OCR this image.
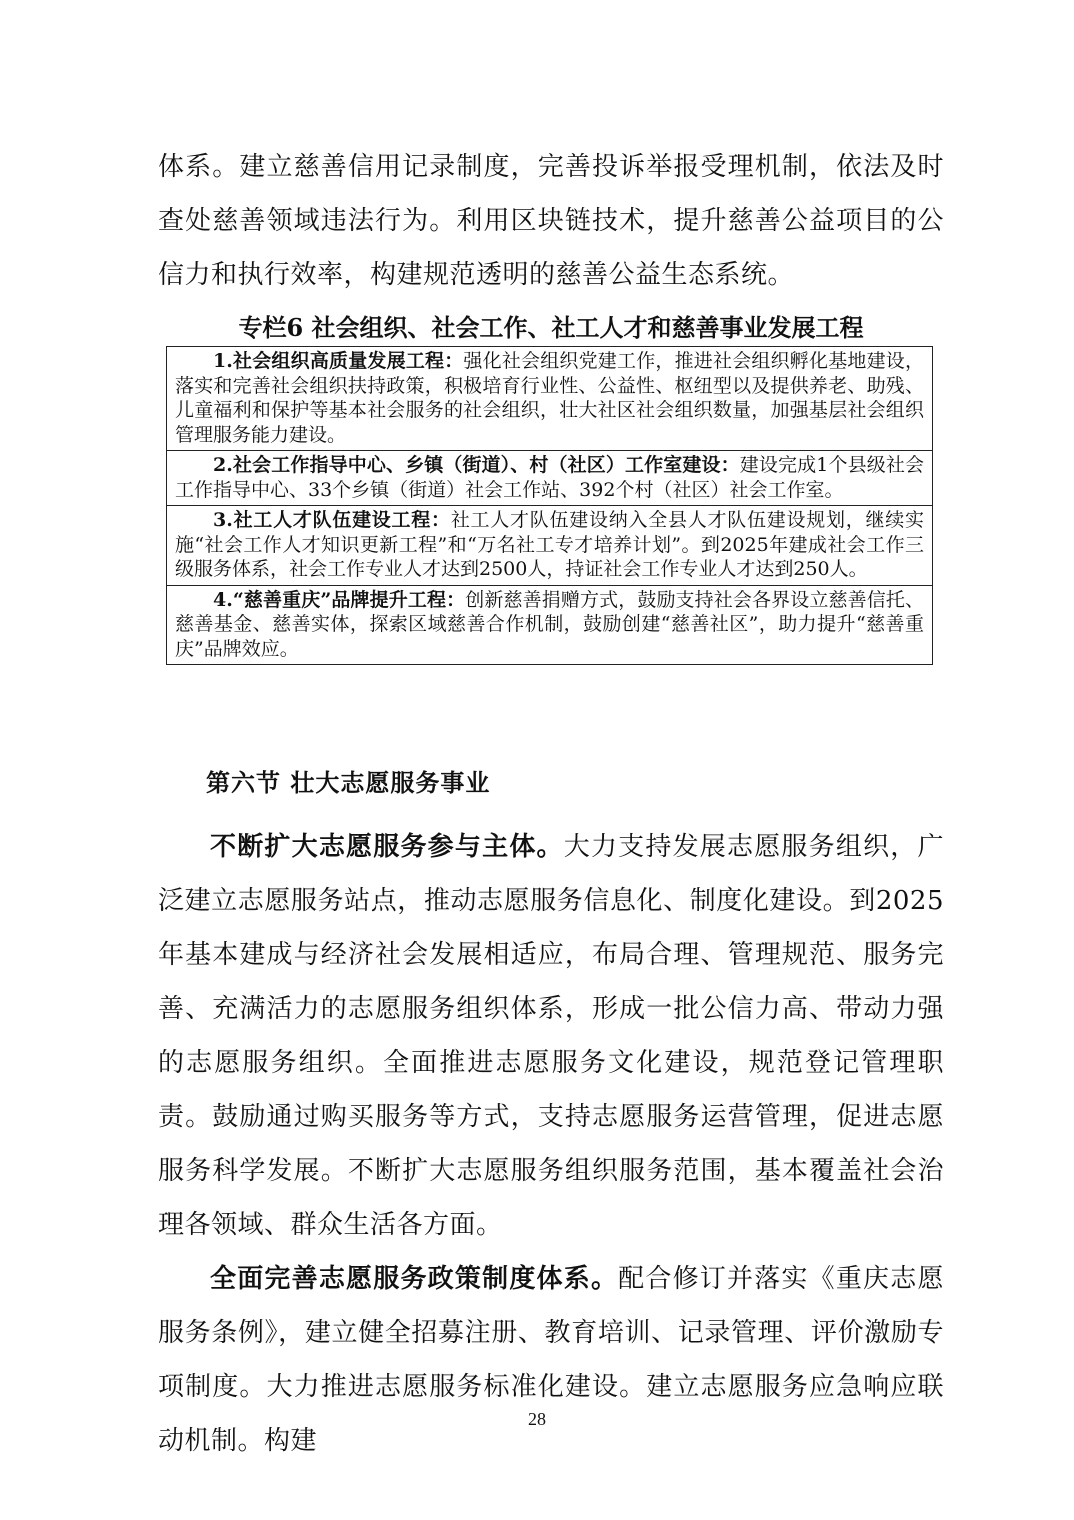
体系。建立慈善信用记录制度，完善投诉举报受理机制，依法及时查处慈善领域违法行为。利用区块链技术，提升慈善公益项目的公信力和执行效率，构建规范透明的慈善公益生态系统。

专栏6 社会组织、社会工作、社工人才和慈善事业发展工程
1.社会组织高质量发展工程：强化社会组织党建工作，推进社会组织孵化基地建设，落实和完善社会组织扶持政策，积极培育行业性、公益性、枢纽型以及提供养老、助残、儿童福利和保护等基本社会服务的社会组织，壮大社区社会组织数量，加强基层社会组织管理服务能力建设。
2.社会工作指导中心、乡镇（街道）、村（社区）工作室建设：建设完成1个县级社会工作指导中心、33个乡镇（街道）社会工作站、392个村（社区）社会工作室。
3.社工人才队伍建设工程：社工人才队伍建设纳入全县人才队伍建设规划，继续实施“社会工作人才知识更新工程”和“万名社工专才培养计划”。到2025年建成社会工作三级服务体系，社会工作专业人才达到2500人，持证社会工作专业人才达到250人。
4.“慈善重庆”品牌提升工程：创新慈善捐赠方式，鼓励支持社会各界设立慈善信托、慈善基金、慈善实体，探索区域慈善合作机制，鼓励创建“慈善社区”，助力提升“慈善重庆”品牌效应。
第六节 壮大志愿服务事业

不断扩大志愿服务参与主体。大力支持发展志愿服务组织，广泛建立志愿服务站点，推动志愿服务信息化、制度化建设。到2025年基本建成与经济社会发展相适应，布局合理、管理规范、服务完善、充满活力的志愿服务组织体系，形成一批公信力高、带动力强的志愿服务组织。全面推进志愿服务文化建设，规范登记管理职责。鼓励通过购买服务等方式，支持志愿服务运营管理，促进志愿服务科学发展。不断扩大志愿服务组织服务范围，基本覆盖社会治理各领域、群众生活各方面。

全面完善志愿服务政策制度体系。配合修订并落实《重庆志愿服务条例》，建立健全招募注册、教育培训、记录管理、评价激励专项制度。大力推进志愿服务标准化建设。建立志愿服务应急响应联动机制。构建

28
